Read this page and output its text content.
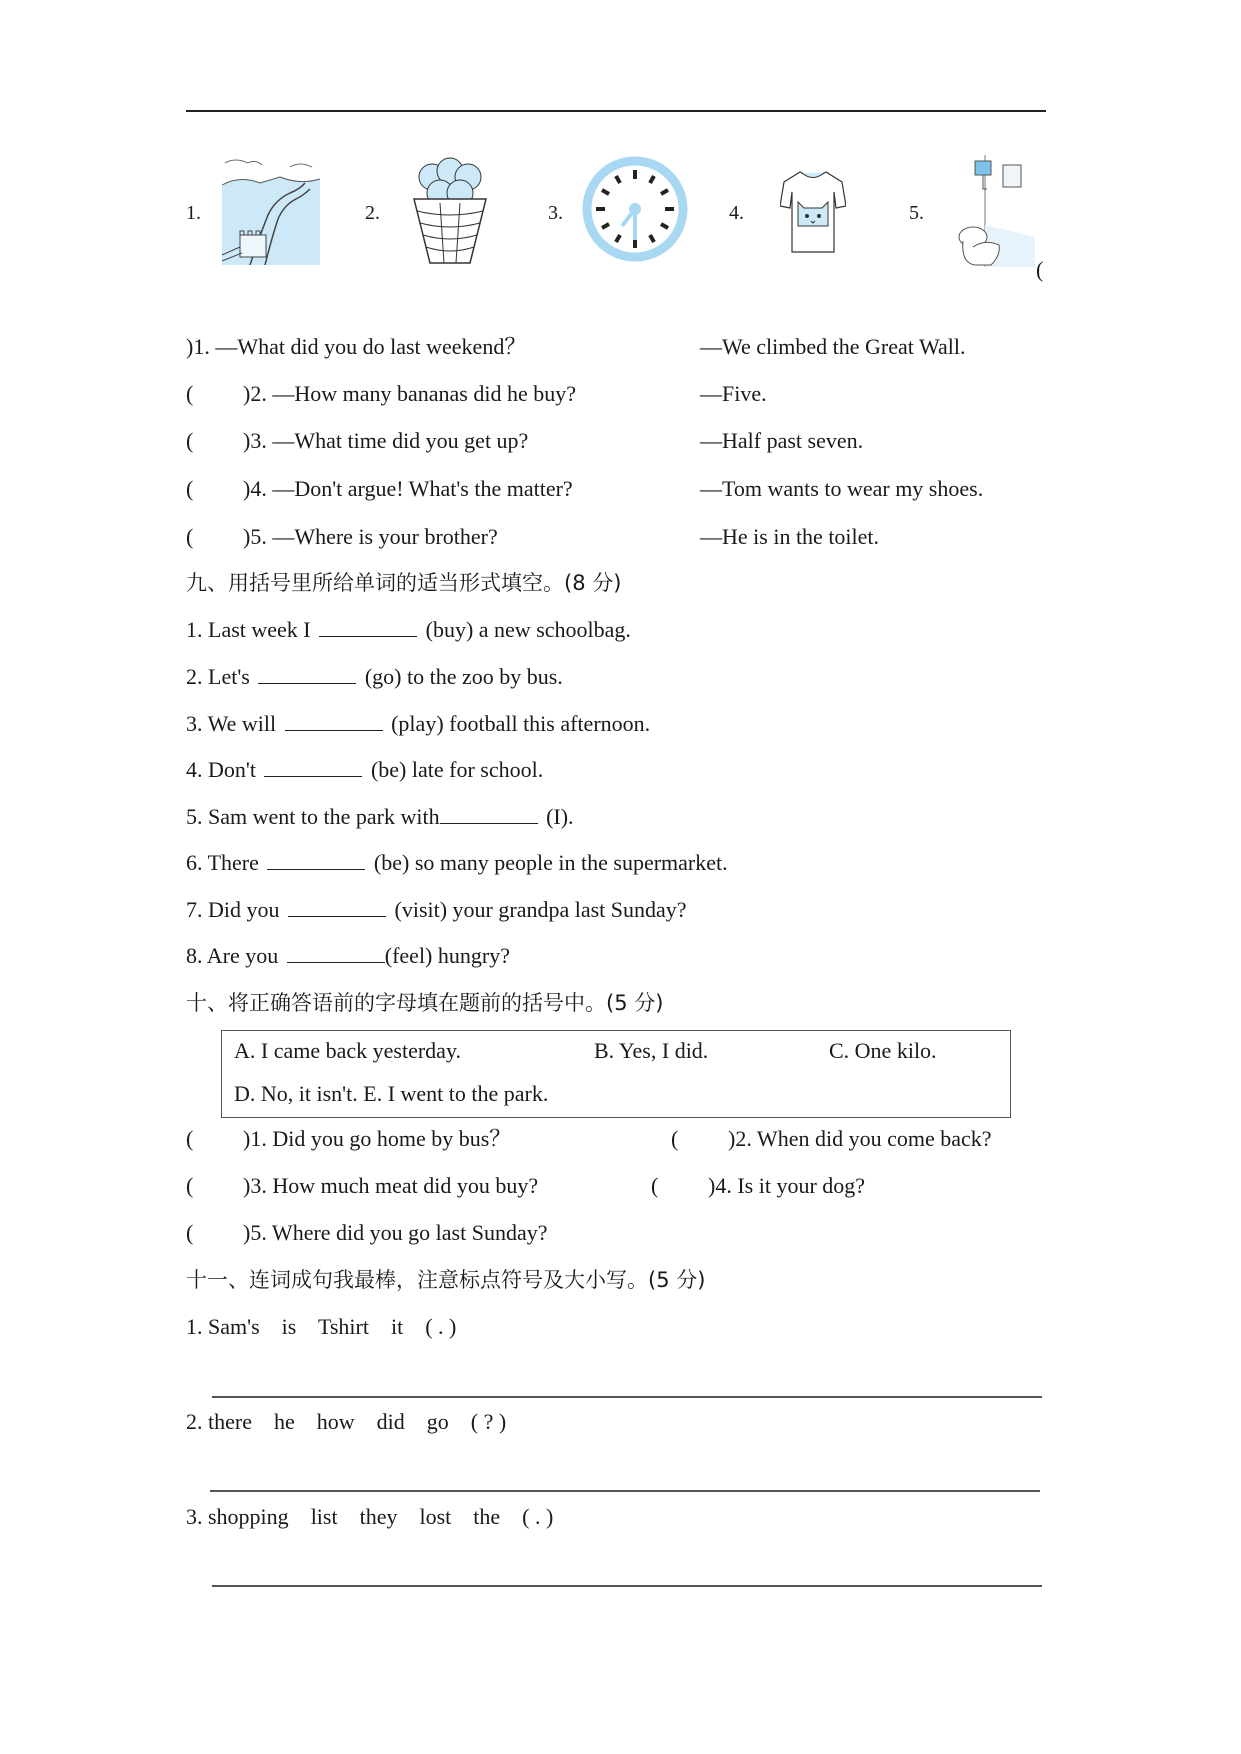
1.	2.	3.	4.	5.
(
)1. —What did you do last weekend？	—We climbed the Great Wall.
(	)2. —How many bananas did he buy?	—Five.
(	)3. —What time did you get up?	—Half past seven.
(	)4. —Don't argue! What's the matter?	—Tom wants to wear my shoes.
(	)5. —Where is your brother?	—He is in the toilet.
九、用括号里所给单词的适当形式填空。(8 分)
1. Last week I	(buy) a new schoolbag.
2. Let's	(go) to the zoo by bus.
3. We will	(play) football this afternoon.
4. Don't	(be) late for school.
5. Sam went to the park with	(I).
6. There	(be) so many people in the supermarket.
7. Did you	(visit) your grandpa last Sunday?
8. Are you	(feel) hungry?
十、将正确答语前的字母填在题前的括号中。(5 分)
A. I came back yesterday.	B. Yes, I did.	C. One kilo.
D. No, it isn't. E. I went to the park.
(	)1. Did you go home by bus？	(	)2. When did you come back?
(	)3. How much meat did you buy?	(	)4. Is it your dog?
(	)5. Where did you go last Sunday?
十一、连词成句我最棒，注意标点符号及大小写。(5 分)
1. Sam's is Tshirt it ( . )
2. there he how did go ( ? )
3. shopping list they lost the ( . )
